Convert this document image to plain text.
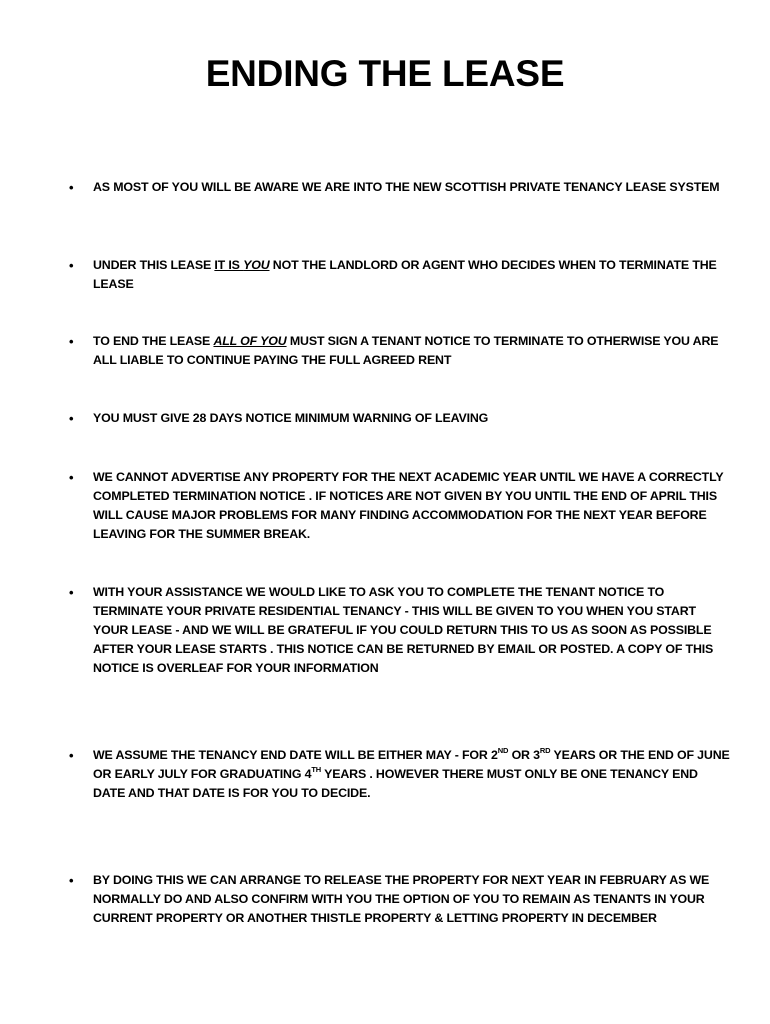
ENDING THE LEASE
• AS MOST OF YOU WILL BE AWARE WE ARE INTO THE NEW SCOTTISH PRIVATE TENANCY LEASE SYSTEM
• UNDER THIS LEASE IT IS YOU NOT THE LANDLORD OR AGENT WHO DECIDES WHEN TO TERMINATE THE LEASE
• TO END THE LEASE ALL OF YOU MUST SIGN A TENANT NOTICE TO TERMINATE TO OTHERWISE YOU ARE ALL LIABLE TO CONTINUE PAYING THE FULL AGREED RENT
• YOU MUST GIVE 28 DAYS NOTICE MINIMUM WARNING OF LEAVING
• WE CANNOT ADVERTISE ANY PROPERTY FOR THE NEXT ACADEMIC YEAR UNTIL WE HAVE A CORRECTLY COMPLETED TERMINATION NOTICE . IF NOTICES ARE NOT GIVEN BY YOU UNTIL THE END OF APRIL THIS WILL CAUSE MAJOR PROBLEMS FOR MANY FINDING ACCOMMODATION FOR THE NEXT YEAR BEFORE LEAVING FOR THE SUMMER BREAK.
• WITH YOUR ASSISTANCE WE WOULD LIKE TO ASK YOU TO COMPLETE THE TENANT NOTICE TO TERMINATE YOUR PRIVATE RESIDENTIAL TENANCY - THIS WILL BE GIVEN TO YOU WHEN YOU START YOUR LEASE - AND WE WILL BE GRATEFUL IF YOU COULD RETURN THIS TO US AS SOON AS POSSIBLE AFTER YOUR LEASE STARTS . THIS NOTICE CAN BE RETURNED BY EMAIL OR POSTED. A COPY OF THIS NOTICE IS OVERLEAF FOR YOUR INFORMATION
• WE ASSUME THE TENANCY END DATE WILL BE EITHER MAY - FOR 2ND OR 3RD YEARS OR THE END OF JUNE OR EARLY JULY FOR GRADUATING 4TH YEARS . HOWEVER THERE MUST ONLY BE ONE TENANCY END DATE AND THAT DATE IS FOR YOU TO DECIDE.
• BY DOING THIS WE CAN ARRANGE TO RELEASE THE PROPERTY FOR NEXT YEAR IN FEBRUARY AS WE NORMALLY DO AND ALSO CONFIRM WITH YOU THE OPTION OF YOU TO REMAIN AS TENANTS IN YOUR CURRENT PROPERTY OR ANOTHER THISTLE PROPERTY & LETTING PROPERTY IN DECEMBER
